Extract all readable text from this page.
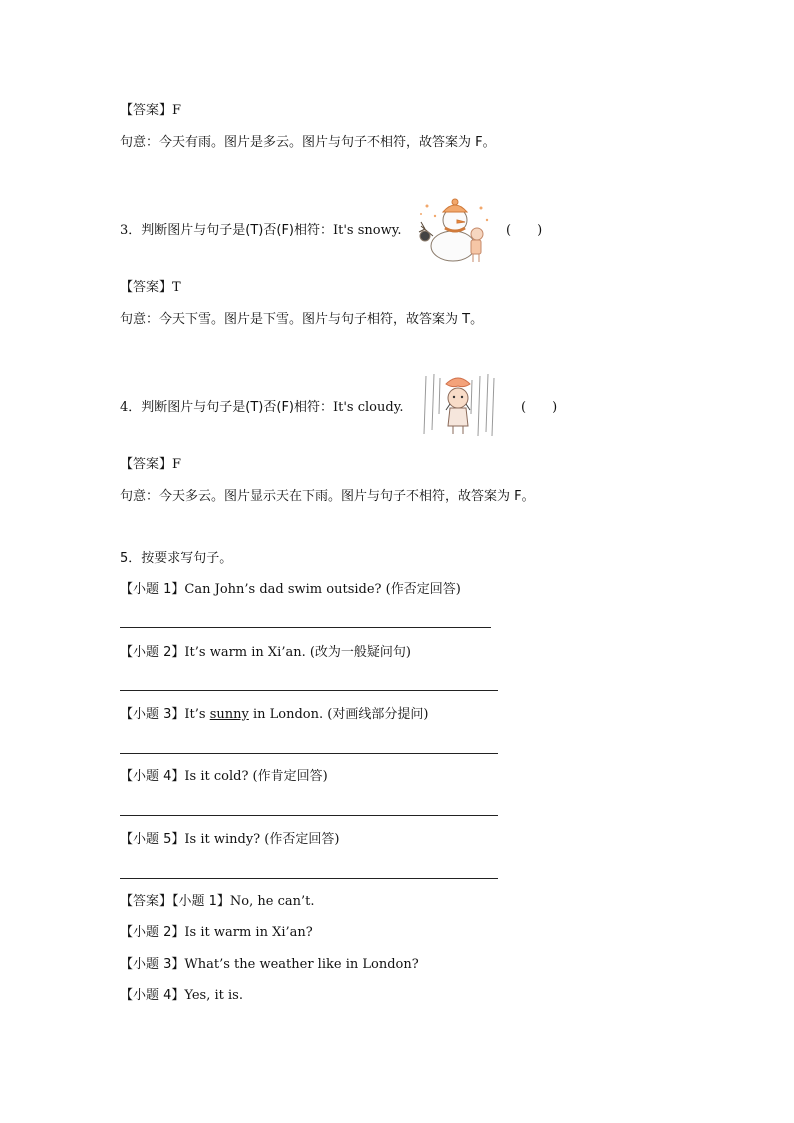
【答案】F
句意：今天有雨。图片是多云。图片与句子不相符，故答案为 F。
3．判断图片与句子是(T)否(F)相符：It's snowy.	(　　)
【答案】T
句意：今天下雪。图片是下雪。图片与句子相符，故答案为 T。
4．判断图片与句子是(T)否(F)相符：It's cloudy.	(　　)
【答案】F
句意：今天多云。图片显示天在下雨。图片与句子不相符，故答案为 F。
5．按要求写句子。
【小题 1】Can John’s dad swim outside? (作否定回答)
【小题 2】It’s warm in Xi’an. (改为一般疑问句)
【小题 3】It’s sunny in London. (对画线部分提问)
【小题 4】Is it cold? (作肯定回答)
【小题 5】Is it windy? (作否定回答)
【答案】【小题 1】No, he can’t.
【小题 2】Is it warm in Xi’an?
【小题 3】What’s the weather like in London?
【小题 4】Yes, it is.
